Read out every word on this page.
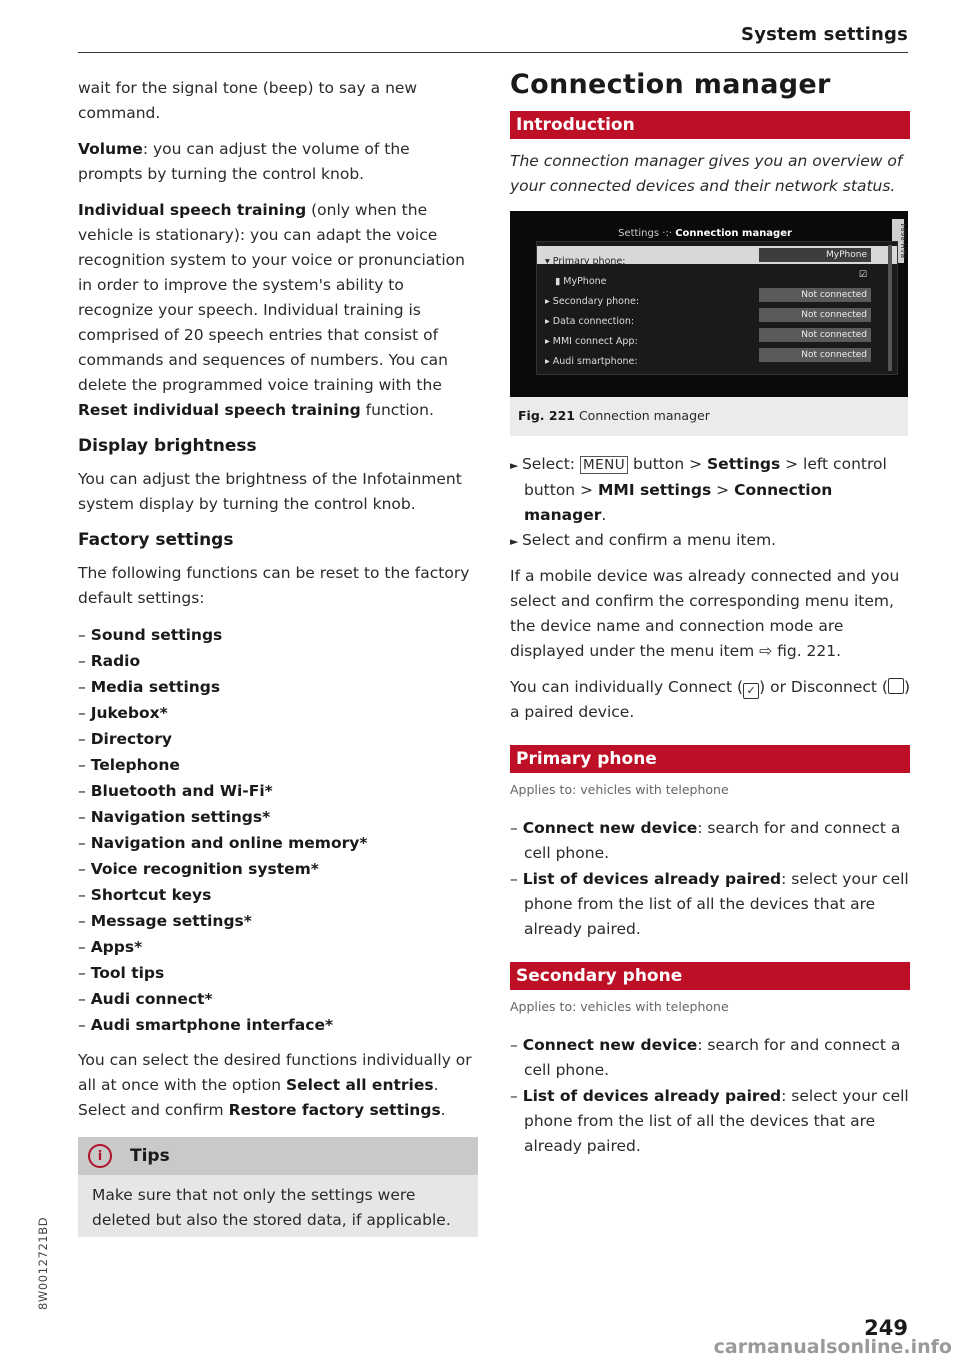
System settings

wait for the signal tone (beep) to say a new command.

Volume: you can adjust the volume of the prompts by turning the control knob.

Individual speech training (only when the vehicle is stationary): you can adapt the voice recognition system to your voice or pronunciation in order to improve the system's ability to recognize your speech. Individual training is comprised of 20 speech entries that consist of commands and sequences of numbers. You can delete the programmed voice training with the Reset individual speech training function.

Display brightness

You can adjust the brightness of the Infotainment system display by turning the control knob.

Factory settings

The following functions can be reset to the factory default settings:

– Sound settings
– Radio
– Media settings
– Jukebox*
– Directory
– Telephone
– Bluetooth and Wi-Fi*
– Navigation settings*
– Navigation and online memory*
– Voice recognition system*
– Shortcut keys
– Message settings*
– Apps*
– Tool tips
– Audi connect*
– Audi smartphone interface*

You can select the desired functions individually or all at once with the option Select all entries. Select and confirm Restore factory settings.

i	Tips
Make sure that not only the settings were deleted but also the stored data, if applicable.
Connection manager
Introduction

The connection manager gives you an overview of your connected devices and their network status.

Settings ·:· Connection manager	RAH-8684
▾ Primary phone:
MyPhone
▮ MyPhone
☑
▸ Secondary phone:
Not connected
▸ Data connection:
Not connected
▸ MMI connect App:
Not connected
▸ Audi smartphone:
Not connected
Fig. 221 Connection manager
► Select: MENU button > Settings > left control button > MMI settings > Connection manager.
► Select and confirm a menu item.

If a mobile device was already connected and you select and confirm the corresponding menu item, the device name and connection mode are displayed under the menu item ⇨ fig. 221.

You can individually Connect ( ✓ ) or Disconnect ( ) a paired device.

Primary phone
Applies to: vehicles with telephone
– Connect new device: search for and connect a cell phone.
– List of devices already paired: select your cell phone from the list of all the devices that are already paired.
Secondary phone
Applies to: vehicles with telephone
– Connect new device: search for and connect a cell phone.
– List of devices already paired: select your cell phone from the list of all the devices that are already paired.
8W0012721BD
249
carmanualsonline.info
